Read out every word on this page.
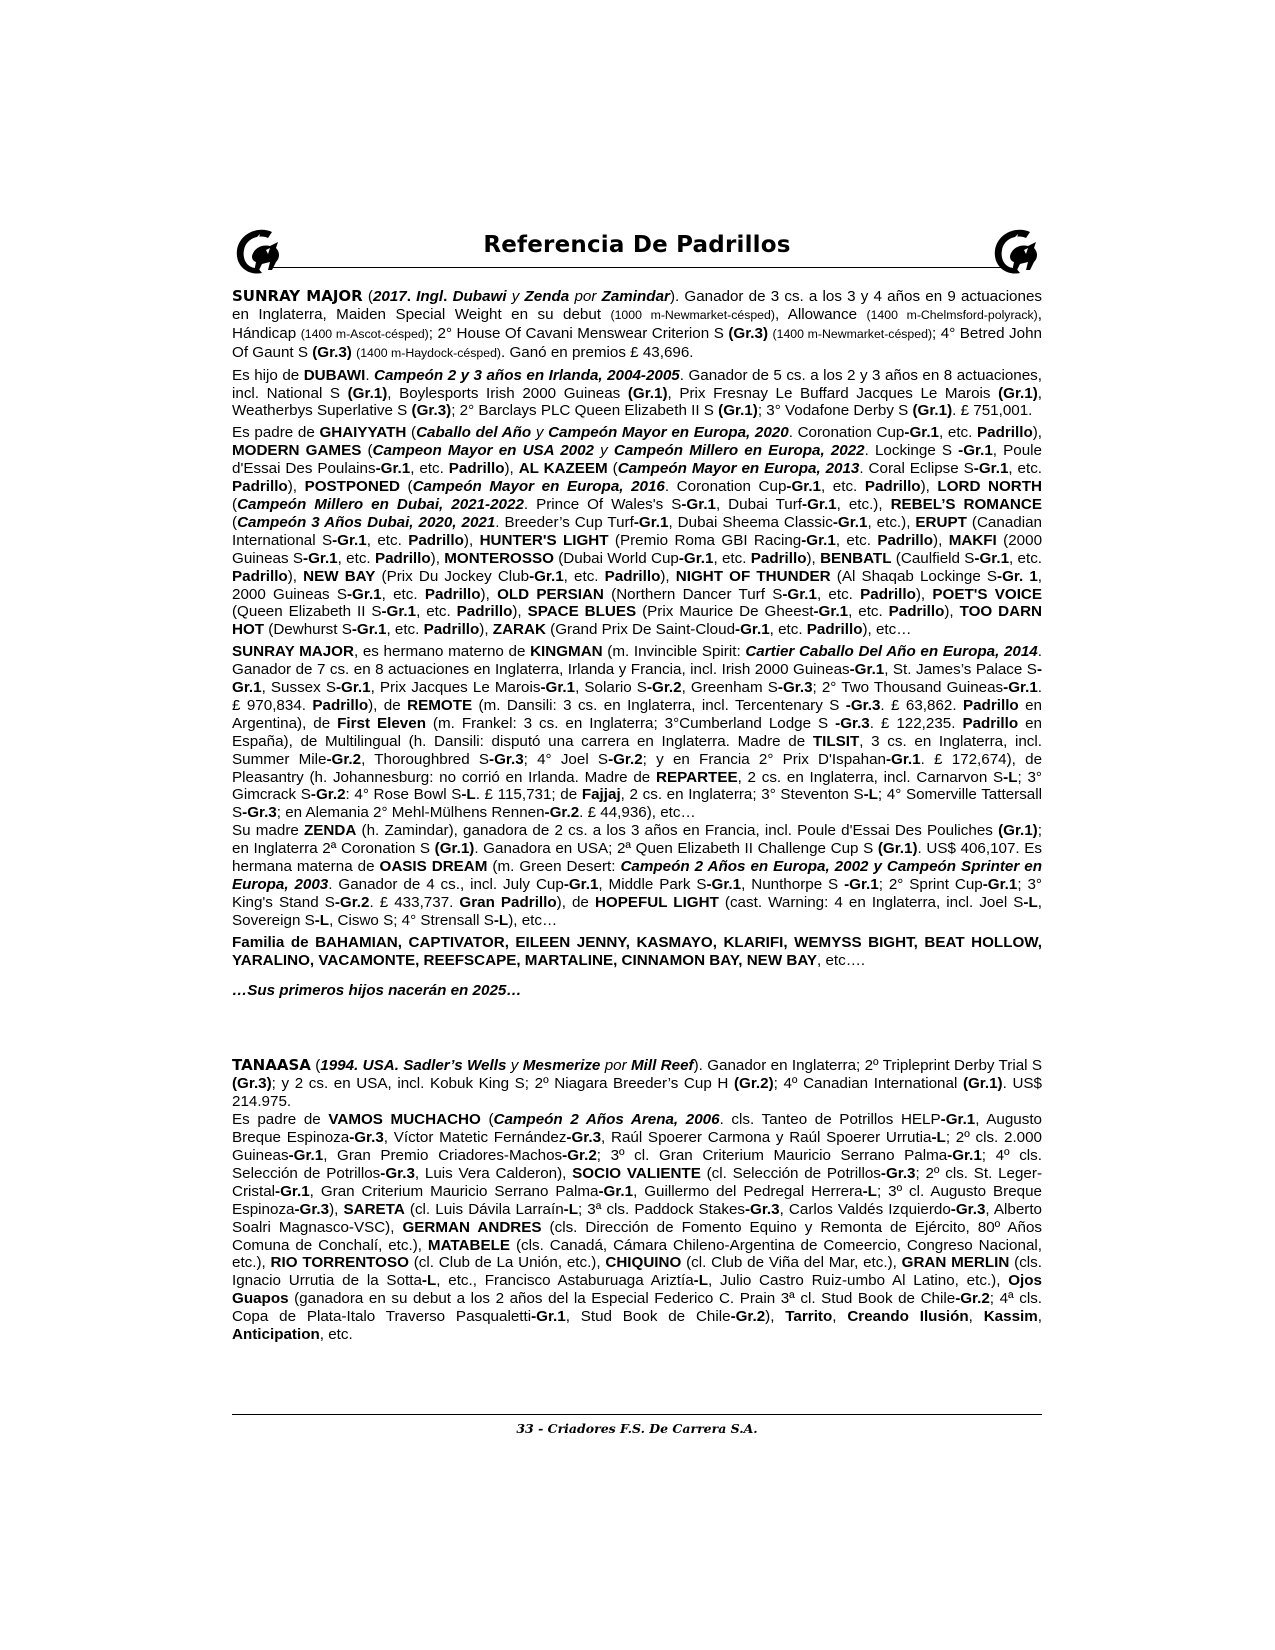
Referencia De Padrillos

SUNRAY MAJOR (2017. Ingl. Dubawi y Zenda por Zamindar). Ganador de 3 cs. a los 3 y 4 años en 9 actuaciones en Inglaterra, Maiden Special Weight en su debut (1000 m-Newmarket-césped), Allowance (1400 m-Chelmsford-polyrack), Hándicap (1400 m-Ascot-césped); 2° House Of Cavani Menswear Criterion S (Gr.3) (1400 m-Newmarket-césped); 4° Betred John Of Gaunt S (Gr.3) (1400 m-Haydock-césped). Ganó en premios £ 43,696.

Es hijo de DUBAWI. Campeón 2 y 3 años en Irlanda, 2004-2005. Ganador de 5 cs. a los 2 y 3 años en 8 actuaciones, incl. National S (Gr.1), Boylesports Irish 2000 Guineas (Gr.1), Prix Fresnay Le Buffard Jacques Le Marois (Gr.1), Weatherbys Superlative S (Gr.3); 2° Barclays PLC Queen Elizabeth II S (Gr.1); 3° Vodafone Derby S (Gr.1). £ 751,001.

Es padre de GHAIYYATH (Caballo del Año y Campeón Mayor en Europa, 2020. Coronation Cup-Gr.1, etc. Padrillo), MODERN GAMES (Campeon Mayor en USA 2002 y Campeón Millero en Europa, 2022. Lockinge S -Gr.1, Poule d'Essai Des Poulains-Gr.1, etc. Padrillo), AL KAZEEM (Campeón Mayor en Europa, 2013. Coral Eclipse S-Gr.1, etc. Padrillo), POSTPONED (Campeón Mayor en Europa, 2016. Coronation Cup-Gr.1, etc. Padrillo), LORD NORTH (Campeón Millero en Dubai, 2021-2022. Prince Of Wales's S-Gr.1, Dubai Turf-Gr.1, etc.), REBEL’S ROMANCE (Campeón 3 Años Dubai, 2020, 2021. Breeder’s Cup Turf-Gr.1, Dubai Sheema Classic-Gr.1, etc.), ERUPT (Canadian International S-Gr.1, etc. Padrillo), HUNTER'S LIGHT (Premio Roma GBI Racing-Gr.1, etc. Padrillo), MAKFI (2000 Guineas S-Gr.1, etc. Padrillo), MONTEROSSO (Dubai World Cup-Gr.1, etc. Padrillo), BENBATL (Caulfield S-Gr.1, etc. Padrillo), NEW BAY (Prix Du Jockey Club-Gr.1, etc. Padrillo), NIGHT OF THUNDER (Al Shaqab Lockinge S-Gr. 1, 2000 Guineas S-Gr.1, etc. Padrillo), OLD PERSIAN (Northern Dancer Turf S-Gr.1, etc. Padrillo), POET'S VOICE (Queen Elizabeth II S-Gr.1, etc. Padrillo), SPACE BLUES (Prix Maurice De Gheest-Gr.1, etc. Padrillo), TOO DARN HOT (Dewhurst S-Gr.1, etc. Padrillo), ZARAK (Grand Prix De Saint-Cloud-Gr.1, etc. Padrillo), etc…

SUNRAY MAJOR, es hermano materno de KINGMAN (m. Invincible Spirit: Cartier Caballo Del Año en Europa, 2014. Ganador de 7 cs. en 8 actuaciones en Inglaterra, Irlanda y Francia, incl. Irish 2000 Guineas-Gr.1, St. James’s Palace S-Gr.1, Sussex S-Gr.1, Prix Jacques Le Marois-Gr.1, Solario S-Gr.2, Greenham S-Gr.3; 2° Two Thousand Guineas-Gr.1. £ 970,834. Padrillo), de REMOTE (m. Dansili: 3 cs. en Inglaterra, incl. Tercentenary S -Gr.3. £ 63,862. Padrillo en Argentina), de First Eleven (m. Frankel: 3 cs. en Inglaterra; 3°Cumberland Lodge S -Gr.3. £ 122,235. Padrillo en España), de Multilingual (h. Dansili: disputó una carrera en Inglaterra. Madre de TILSIT, 3 cs. en Inglaterra, incl. Summer Mile-Gr.2, Thoroughbred S-Gr.3; 4° Joel S-Gr.2; y en Francia 2° Prix D'Ispahan-Gr.1. £ 172,674), de Pleasantry (h. Johannesburg: no corrió en Irlanda. Madre de REPARTEE, 2 cs. en Inglaterra, incl. Carnarvon S-L; 3° Gimcrack S-Gr.2: 4° Rose Bowl S-L. £ 115,731; de Fajjaj, 2 cs. en Inglaterra; 3° Steventon S-L; 4° Somerville Tattersall S-Gr.3; en Alemania 2° Mehl-Mülhens Rennen-Gr.2. £ 44,936), etc…

Su madre ZENDA (h. Zamindar), ganadora de 2 cs. a los 3 años en Francia, incl. Poule d'Essai Des Pouliches (Gr.1); en Inglaterra 2ª Coronation S (Gr.1). Ganadora en USA; 2ª Quen Elizabeth II Challenge Cup S (Gr.1). US$ 406,107. Es hermana materna de OASIS DREAM (m. Green Desert: Campeón 2 Años en Europa, 2002 y Campeón Sprinter en Europa, 2003. Ganador de 4 cs., incl. July Cup-Gr.1, Middle Park S-Gr.1, Nunthorpe S -Gr.1; 2° Sprint Cup-Gr.1; 3° King's Stand S-Gr.2. £ 433,737. Gran Padrillo), de HOPEFUL LIGHT (cast. Warning: 4 en Inglaterra, incl. Joel S-L, Sovereign S-L, Ciswo S; 4° Strensall S-L), etc…

Familia de BAHAMIAN, CAPTIVATOR, EILEEN JENNY, KASMAYO, KLARIFI, WEMYSS BIGHT, BEAT HOLLOW, YARALINO, VACAMONTE, REEFSCAPE, MARTALINE, CINNAMON BAY, NEW BAY, etc….

…Sus primeros hijos nacerán en 2025…

TANAASA (1994. USA. Sadler’s Wells y Mesmerize por Mill Reef). Ganador en Inglaterra; 2º Tripleprint Derby Trial S (Gr.3); y 2 cs. en USA, incl. Kobuk King S; 2º Niagara Breeder’s Cup H (Gr.2); 4º Canadian International (Gr.1). US$ 214.975.

Es padre de VAMOS MUCHACHO (Campeón 2 Años Arena, 2006. cls. Tanteo de Potrillos HELP-Gr.1, Augusto Breque Espinoza-Gr.3, Víctor Matetic Fernández-Gr.3, Raúl Spoerer Carmona y Raúl Spoerer Urrutia-L; 2º cls. 2.000 Guineas-Gr.1, Gran Premio Criadores-Machos-Gr.2; 3º cl. Gran Criterium Mauricio Serrano Palma-Gr.1; 4º cls. Selección de Potrillos-Gr.3, Luis Vera Calderon), SOCIO VALIENTE (cl. Selección de Potrillos-Gr.3; 2º cls. St. Leger-Cristal-Gr.1, Gran Criterium Mauricio Serrano Palma-Gr.1, Guillermo del Pedregal Herrera-L; 3º cl. Augusto Breque Espinoza-Gr.3), SARETA (cl. Luis Dávila Larraín-L; 3ª cls. Paddock Stakes-Gr.3, Carlos Valdés Izquierdo-Gr.3, Alberto Soalri Magnasco-VSC), GERMAN ANDRES (cls. Dirección de Fomento Equino y Remonta de Ejército, 80º Años Comuna de Conchalí, etc.), MATABELE (cls. Canadá, Cámara Chileno-Argentina de Comeercio, Congreso Nacional, etc.), RIO TORRENTOSO (cl. Club de La Unión, etc.), CHIQUINO (cl. Club de Viña del Mar, etc.), GRAN MERLIN (cls. Ignacio Urrutia de la Sotta-L, etc., Francisco Astaburuaga Ariztía-L, Julio Castro Ruiz-umbo Al Latino, etc.), Ojos Guapos (ganadora en su debut a los 2 años del la Especial Federico C. Prain 3ª cl. Stud Book de Chile-Gr.2; 4ª cls. Copa de Plata-Italo Traverso Pasqualetti-Gr.1, Stud Book de Chile-Gr.2), Tarrito, Creando Ilusión, Kassim, Anticipation, etc.

33 - Criadores F.S. De Carrera S.A.
